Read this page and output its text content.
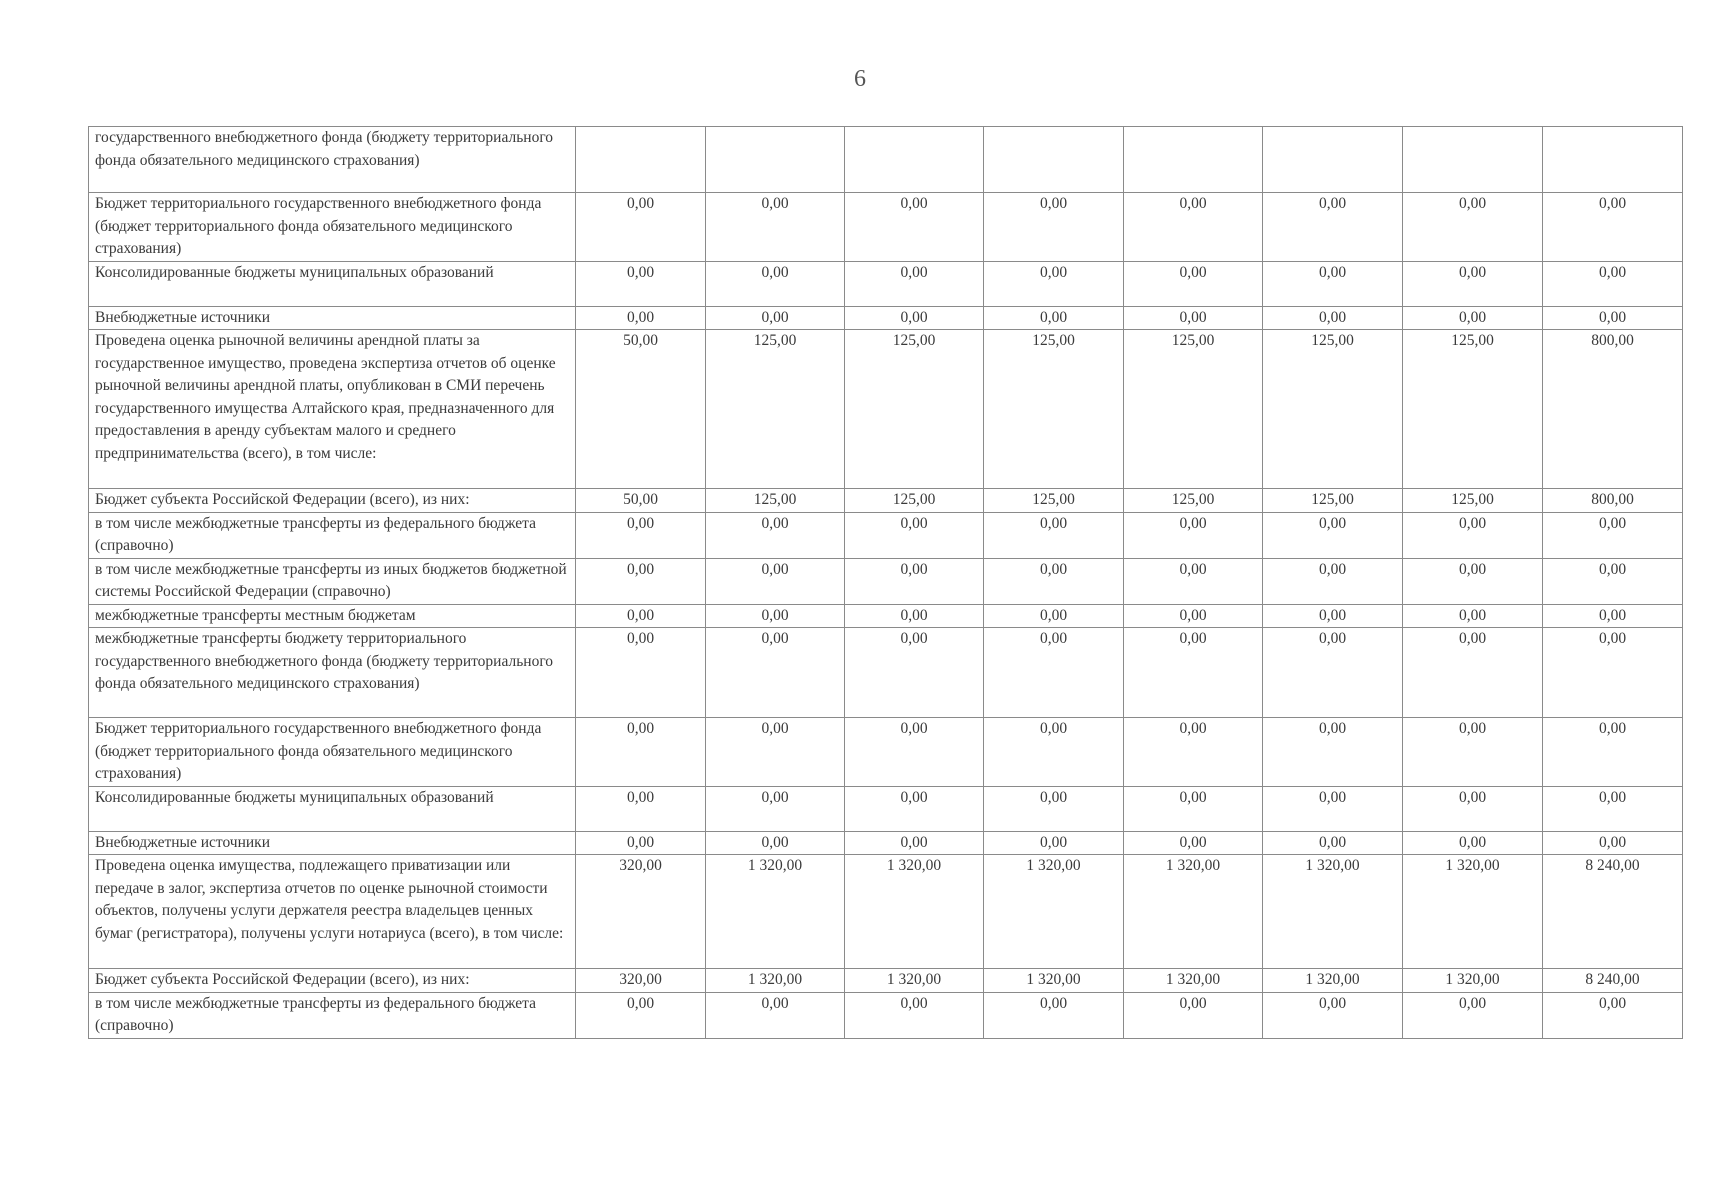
6
государственного внебюджетного фонда (бюджету территориального фонда обязательного медицинского страхования)								
Бюджет территориального государственного внебюджетного фонда (бюджет территориального фонда обязательного медицинского страхования)	0,00	0,00	0,00	0,00	0,00	0,00	0,00	0,00
Консолидированные бюджеты муниципальных образований	0,00	0,00	0,00	0,00	0,00	0,00	0,00	0,00
Внебюджетные источники	0,00	0,00	0,00	0,00	0,00	0,00	0,00	0,00
Проведена оценка рыночной величины арендной платы за государственное имущество, проведена экспертиза отчетов об оценке рыночной величины арендной платы, опубликован в СМИ перечень государственного имущества Алтайского края, предназначенного для предоставления в аренду субъектам малого и среднего предпринимательства (всего), в том числе:	50,00	125,00	125,00	125,00	125,00	125,00	125,00	800,00
Бюджет субъекта Российской Федерации (всего), из них:	50,00	125,00	125,00	125,00	125,00	125,00	125,00	800,00
в том числе межбюджетные трансферты из федерального бюджета (справочно)	0,00	0,00	0,00	0,00	0,00	0,00	0,00	0,00
в том числе межбюджетные трансферты из иных бюджетов бюджетной системы Российской Федерации (справочно)	0,00	0,00	0,00	0,00	0,00	0,00	0,00	0,00
межбюджетные трансферты местным бюджетам	0,00	0,00	0,00	0,00	0,00	0,00	0,00	0,00
межбюджетные трансферты бюджету территориального государственного внебюджетного фонда (бюджету территориального фонда обязательного медицинского страхования)	0,00	0,00	0,00	0,00	0,00	0,00	0,00	0,00
Бюджет территориального государственного внебюджетного фонда (бюджет территориального фонда обязательного медицинского страхования)	0,00	0,00	0,00	0,00	0,00	0,00	0,00	0,00
Консолидированные бюджеты муниципальных образований	0,00	0,00	0,00	0,00	0,00	0,00	0,00	0,00
Внебюджетные источники	0,00	0,00	0,00	0,00	0,00	0,00	0,00	0,00
Проведена оценка имущества, подлежащего приватизации или передаче в залог, экспертиза отчетов по оценке рыночной стоимости объектов, получены услуги держателя реестра владельцев ценных бумаг (регистратора), получены услуги нотариуса (всего), в том числе:	320,00	1 320,00	1 320,00	1 320,00	1 320,00	1 320,00	1 320,00	8 240,00
Бюджет субъекта Российской Федерации (всего), из них:	320,00	1 320,00	1 320,00	1 320,00	1 320,00	1 320,00	1 320,00	8 240,00
в том числе межбюджетные трансферты из федерального бюджета (справочно)	0,00	0,00	0,00	0,00	0,00	0,00	0,00	0,00
